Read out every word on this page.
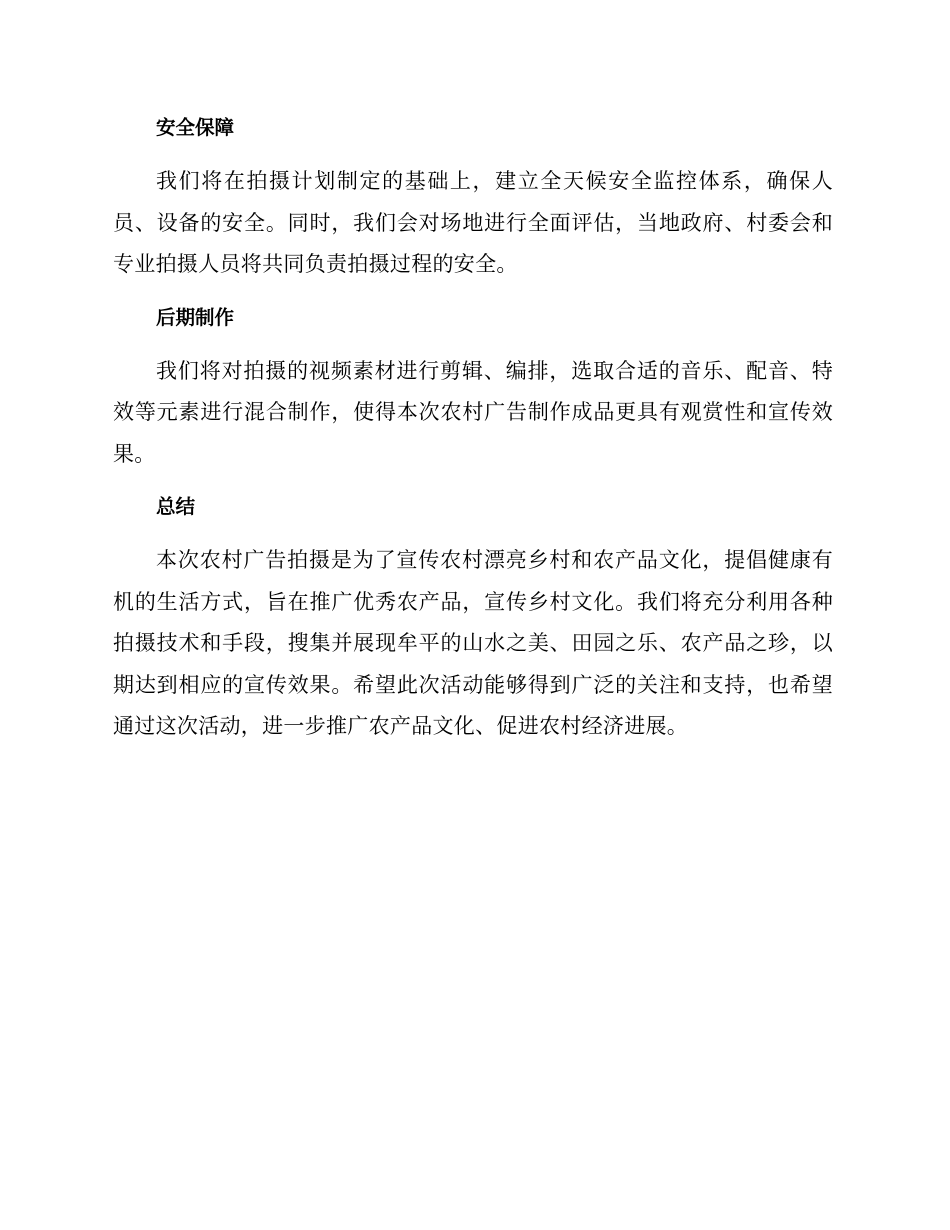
安全保障

我们将在拍摄计划制定的基础上，建立全天候安全监控体系，确保人员、设备的安全。同时，我们会对场地进行全面评估，当地政府、村委会和专业拍摄人员将共同负责拍摄过程的安全。

后期制作

我们将对拍摄的视频素材进行剪辑、编排，选取合适的音乐、配音、特效等元素进行混合制作，使得本次农村广告制作成品更具有观赏性和宣传效果。

总结

本次农村广告拍摄是为了宣传农村漂亮乡村和农产品文化，提倡健康有机的生活方式，旨在推广优秀农产品，宣传乡村文化。我们将充分利用各种拍摄技术和手段，搜集并展现牟平的山水之美、田园之乐、农产品之珍，以期达到相应的宣传效果。希望此次活动能够得到广泛的关注和支持，也希望通过这次活动，进一步推广农产品文化、促进农村经济进展。
